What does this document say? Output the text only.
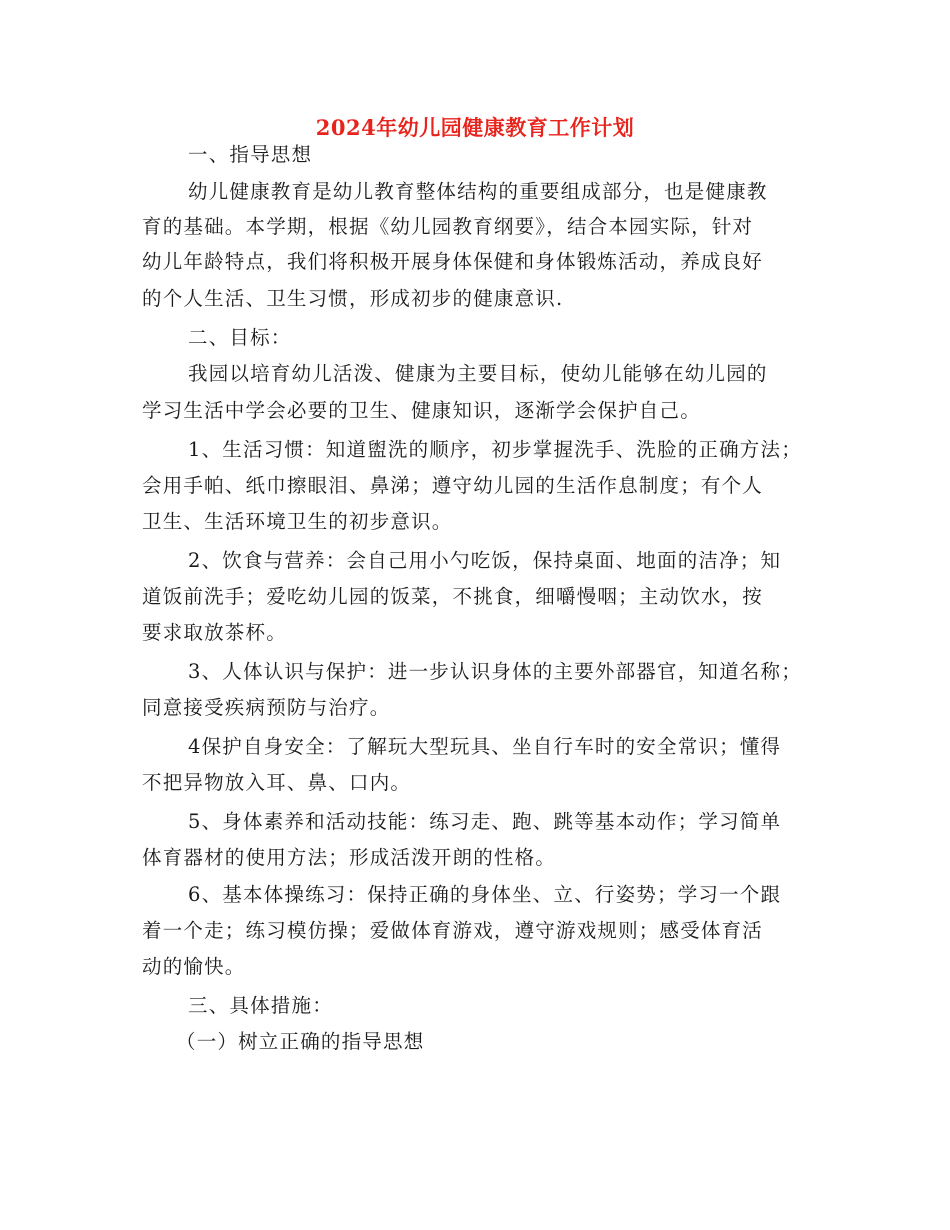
2024年幼儿园健康教育工作计划
一、指导思想
幼儿健康教育是幼儿教育整体结构的重要组成部分，也是健康教
育的基础。本学期，根据《幼儿园教育纲要》，结合本园实际，针对
幼儿年龄特点，我们将积极开展身体保健和身体锻炼活动，养成良好
的个人生活、卫生习惯，形成初步的健康意识.
二、目标：
我园以培育幼儿活泼、健康为主要目标，使幼儿能够在幼儿园的
学习生活中学会必要的卫生、健康知识，逐渐学会保护自己。
1、生活习惯：知道盥洗的顺序，初步掌握洗手、洗脸的正确方法；
会用手帕、纸巾擦眼泪、鼻涕；遵守幼儿园的生活作息制度；有个人
卫生、生活环境卫生的初步意识。
2、饮食与营养：会自己用小勺吃饭，保持桌面、地面的洁净；知
道饭前洗手；爱吃幼儿园的饭菜，不挑食，细嚼慢咽；主动饮水，按
要求取放茶杯。
3、人体认识与保护：进一步认识身体的主要外部器官，知道名称；
同意接受疾病预防与治疗。
4保护自身安全：了解玩大型玩具、坐自行车时的安全常识；懂得
不把异物放入耳、鼻、口内。
5、身体素养和活动技能：练习走、跑、跳等基本动作；学习简单
体育器材的使用方法；形成活泼开朗的性格。
6、基本体操练习：保持正确的身体坐、立、行姿势；学习一个跟
着一个走；练习模仿操；爱做体育游戏，遵守游戏规则；感受体育活
动的愉快。
三、具体措施：
（一）树立正确的指导思想
